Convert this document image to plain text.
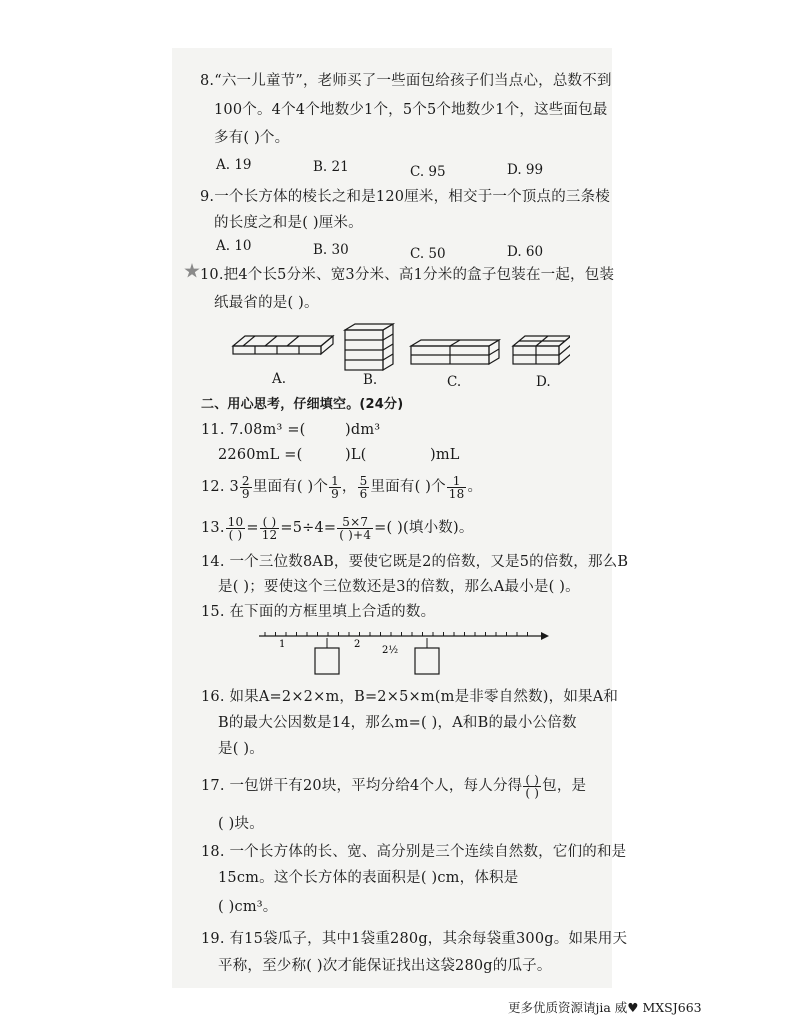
8.“六一儿童节”，老师买了一些面包给孩子们当点心，总数不到
100个。4个4个地数少1个，5个5个地数少1个，这些面包最
多有( )个。
A. 19	B. 21	C. 95	D. 99
9.一个长方体的棱长之和是120厘米，相交于一个顶点的三条棱
的长度之和是( )厘米。
A. 10	B. 30	C. 50	D. 60
10.把4个长5分米、宽3分米、高1分米的盒子包装在一起，包装
纸最省的是( )。
A.	B.	C.	D.
二、用心思考，仔细填空。(24分)
11. 7.08m³ =(	)dm³
2260mL =(	)L(	)mL
12. $3 \frac{2}{9}$ 里面有( )个 $\frac{1}{9}$ ， $\frac{5}{6}$ 里面有( )个 $\frac{1}{18}$ 。
13. $\frac{10}{( )} = \frac{( )}{12} =5\div 4= \frac{5\times 7}{( )+4}$ =( )(填小数)。
14. 一个三位数8AB，要使它既是2的倍数，又是5的倍数，那么B
是( )；要使这个三位数还是3的倍数，那么A最小是( )。
15. 在下面的方框里填上合适的数。
1	2
2½
16. 如果A=2×2×m，B=2×5×m(m是非零自然数)，如果A和
B的最大公因数是14，那么m=( )，A和B的最小公倍数
是( )。
17. 一包饼干有20块，平均分给4个人，每人分得 $\frac{( )}{( )}$ 包，是
( )块。
18. 一个长方体的长、宽、高分别是三个连续自然数，它们的和是
15cm。这个长方体的表面积是( )cm，体积是
( )cm³。
19. 有15袋瓜子，其中1袋重280g，其余每袋重300g。如果用天
平称，至少称( )次才能保证找出这袋280g的瓜子。
更多优质资源请jia 威♥ MXSJ663
